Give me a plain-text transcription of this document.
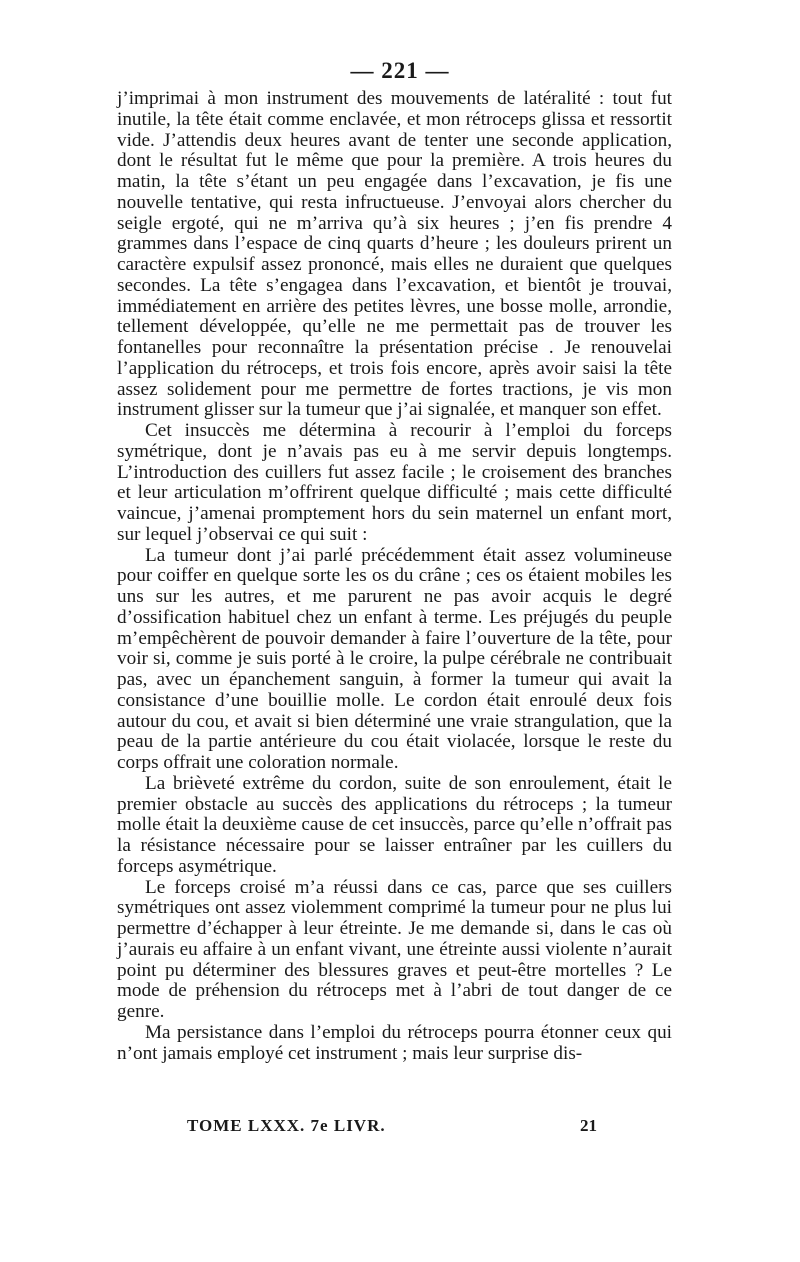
— 221 —

j’imprimai à mon instrument des mouvements de latéralité : tout fut inutile, la tête était comme enclavée, et mon rétroceps glissa et ressortit vide. J’attendis deux heures avant de tenter une seconde application, dont le résultat fut le même que pour la première. A trois heures du matin, la tête s’étant un peu engagée dans l’excavation, je fis une nouvelle tentative, qui resta infructueuse. J’envoyai alors chercher du seigle ergoté, qui ne m’arriva qu’à six heures ; j’en fis prendre 4 grammes dans l’espace de cinq quarts d’heure ; les douleurs prirent un caractère expulsif assez prononcé, mais elles ne duraient que quelques secondes. La tête s’engagea dans l’excavation, et bientôt je trouvai, immédiatement en arrière des petites lèvres, une bosse molle, arrondie, tellement développée, qu’elle ne me permettait pas de trouver les fontanelles pour reconnaître la présentation précise . Je renouvelai l’application du rétroceps, et trois fois encore, après avoir saisi la tête assez solidement pour me permettre de fortes tractions, je vis mon instrument glisser sur la tumeur que j’ai signalée, et manquer son effet.

Cet insuccès me détermina à recourir à l’emploi du forceps symétrique, dont je n’avais pas eu à me servir depuis longtemps. L’introduction des cuillers fut assez facile ; le croisement des branches et leur articulation m’offrirent quelque difficulté ; mais cette difficulté vaincue, j’amenai promptement hors du sein maternel un enfant mort, sur lequel j’observai ce qui suit :

La tumeur dont j’ai parlé précédemment était assez volumineuse pour coiffer en quelque sorte les os du crâne ; ces os étaient mobiles les uns sur les autres, et me parurent ne pas avoir acquis le degré d’ossification habituel chez un enfant à terme. Les préjugés du peuple m’empêchèrent de pouvoir demander à faire l’ouverture de la tête, pour voir si, comme je suis porté à le croire, la pulpe cérébrale ne contribuait pas, avec un épanchement sanguin, à former la tumeur qui avait la consistance d’une bouillie molle. Le cordon était enroulé deux fois autour du cou, et avait si bien déterminé une vraie strangulation, que la peau de la partie antérieure du cou était violacée, lorsque le reste du corps offrait une coloration normale.

La brièveté extrême du cordon, suite de son enroulement, était le premier obstacle au succès des applications du rétroceps ; la tumeur molle était la deuxième cause de cet insuccès, parce qu’elle n’offrait pas la résistance nécessaire pour se laisser entraîner par les cuillers du forceps asymétrique.

Le forceps croisé m’a réussi dans ce cas, parce que ses cuillers symétriques ont assez violemment comprimé la tumeur pour ne plus lui permettre d’échapper à leur étreinte. Je me demande si, dans le cas où j’aurais eu affaire à un enfant vivant, une étreinte aussi violente n’aurait point pu déterminer des blessures graves et peut-être mortelles ? Le mode de préhension du rétroceps met à l’abri de tout danger de ce genre.

Ma persistance dans l’emploi du rétroceps pourra étonner ceux qui n’ont jamais employé cet instrument ; mais leur surprise dis-

TOME LXXX. 7e LIVR.	21
